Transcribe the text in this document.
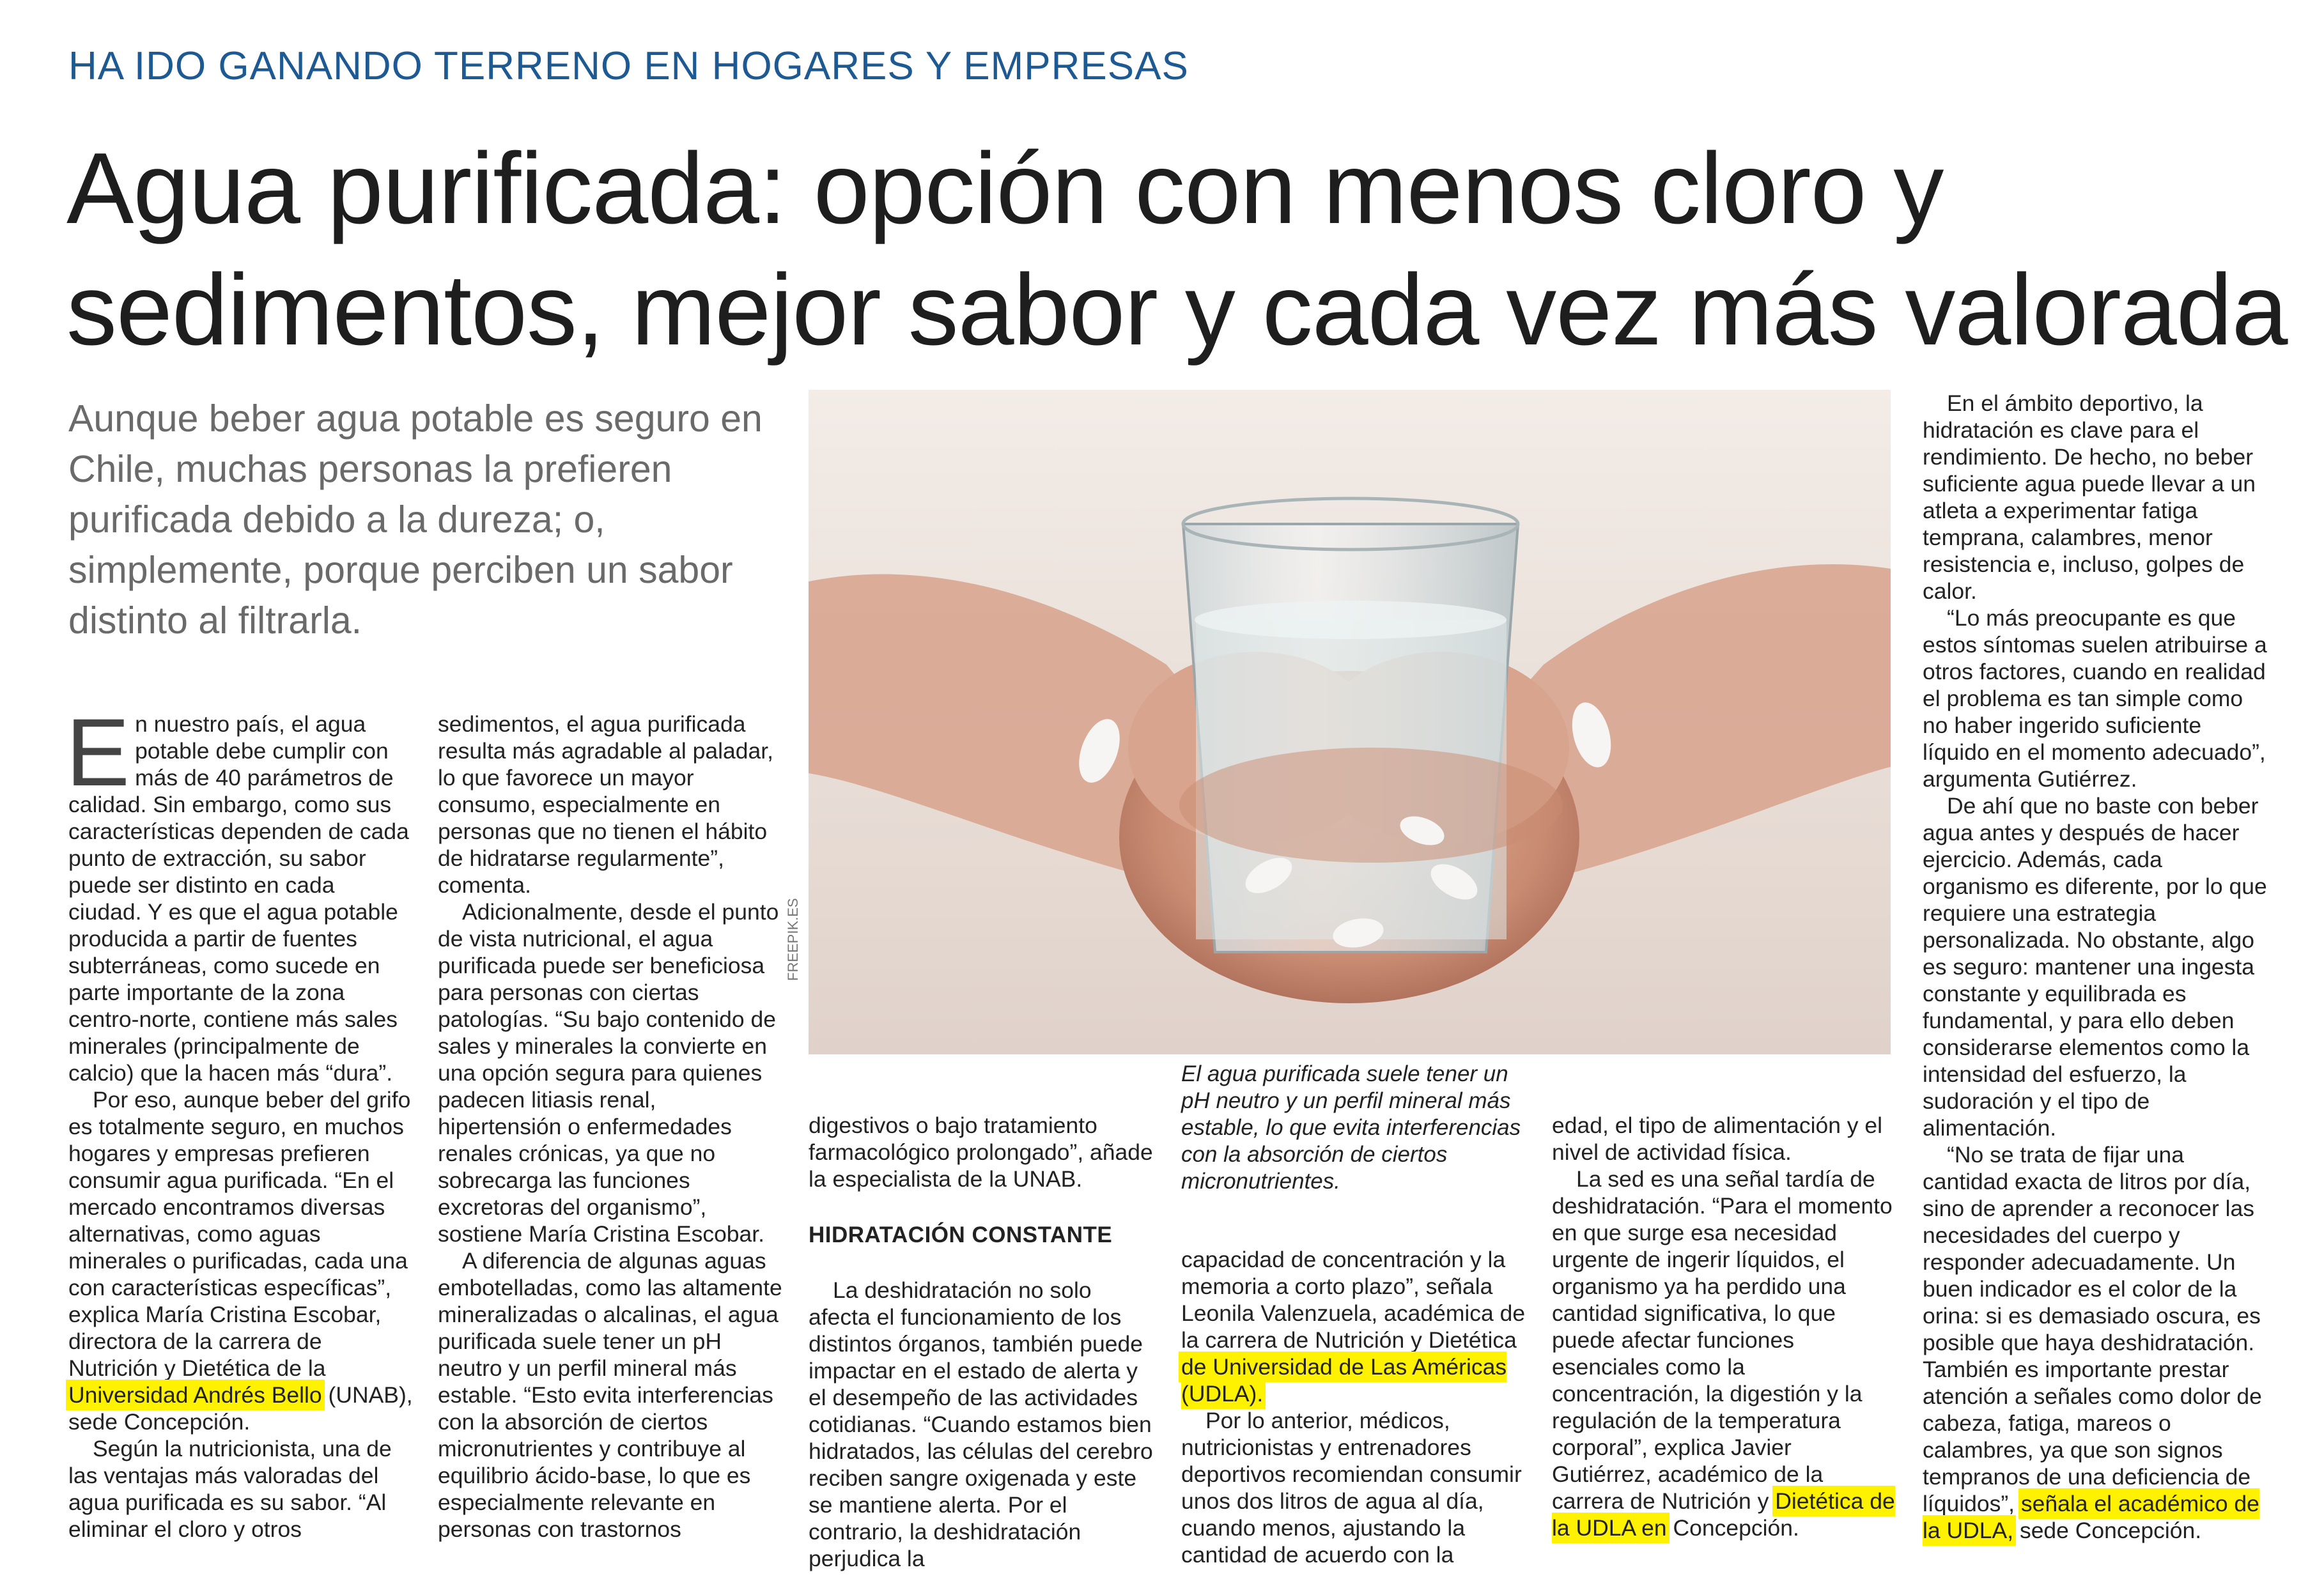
HA IDO GANANDO TERRENO EN HOGARES Y EMPRESAS
Agua purificada: opción con menos cloro y
sedimentos, mejor sabor y cada vez más valorada
Aunque beber agua potable es seguro en Chile, muchas personas la prefieren purificada debido a la dureza; o, simplemente, porque perciben un sabor distinto al filtrarla.
FREEPIK.ES
El agua purificada suele tener un pH neutro y un perfil mineral más estable, lo que evita interferencias con la absorción de ciertos micronutrientes.

En nuestro país, el agua potable debe cumplir con más de 40 parámetros de calidad. Sin embargo, como sus características dependen de cada punto de extracción, su sabor puede ser distinto en cada ciudad. Y es que el agua potable producida a partir de fuentes subterráneas, como sucede en parte importante de la zona centro-norte, contiene más sales minerales (principalmente de calcio) que la hacen más “dura”.

Por eso, aunque beber del grifo es totalmente seguro, en muchos hogares y empresas prefieren consumir agua purificada. “En el mercado encontramos diversas alternativas, como aguas minerales o purificadas, cada una con características específicas”, explica María Cristina Escobar, directora de la carrera de Nutrición y Dietética de la Universidad Andrés Bello (UNAB), sede Concepción.

Según la nutricionista, una de las ventajas más valoradas del agua purificada es su sabor. “Al eliminar el cloro y otros

sedimentos, el agua purificada resulta más agradable al paladar, lo que favorece un mayor consumo, especialmente en personas que no tienen el hábito de hidratarse regularmente”, comenta.

Adicionalmente, desde el punto de vista nutricional, el agua purificada puede ser beneficiosa para personas con ciertas patologías. “Su bajo contenido de sales y minerales la convierte en una opción segura para quienes padecen litiasis renal, hipertensión o enfermedades renales crónicas, ya que no sobrecarga las funciones excretoras del organismo”, sostiene María Cristina Escobar.

A diferencia de algunas aguas embotelladas, como las altamente mineralizadas o alcalinas, el agua purificada suele tener un pH neutro y un perfil mineral más estable. “Esto evita interferencias con la absorción de ciertos micronutrientes y contribuye al equilibrio ácido-base, lo que es especialmente relevante en personas con trastornos

digestivos o bajo tratamiento farmacológico prolongado”, añade la especialista de la UNAB.

HIDRATACIÓN CONSTANTE

La deshidratación no solo afecta el funcionamiento de los distintos órganos, también puede impactar en el estado de alerta y el desempeño de las actividades cotidianas. “Cuando estamos bien hidratados, las células del cerebro reciben sangre oxigenada y este se mantiene alerta. Por el contrario, la deshidratación perjudica la

capacidad de concentración y la memoria a corto plazo”, señala Leonila Valenzuela, académica de la carrera de Nutrición y Dietética de Universidad de Las Américas (UDLA).

Por lo anterior, médicos, nutricionistas y entrenadores deportivos recomiendan consumir unos dos litros de agua al día, cuando menos, ajustando la cantidad de acuerdo con la

edad, el tipo de alimentación y el nivel de actividad física.

La sed es una señal tardía de deshidratación. “Para el momento en que surge esa necesidad urgente de ingerir líquidos, el organismo ya ha perdido una cantidad significativa, lo que puede afectar funciones esenciales como la concentración, la digestión y la regulación de la temperatura corporal”, explica Javier Gutiérrez, académico de la carrera de Nutrición y Dietética de la UDLA en Concepción.

En el ámbito deportivo, la hidratación es clave para el rendimiento. De hecho, no beber suficiente agua puede llevar a un atleta a experimentar fatiga temprana, calambres, menor resistencia e, incluso, golpes de calor.

“Lo más preocupante es que estos síntomas suelen atribuirse a otros factores, cuando en realidad el problema es tan simple como no haber ingerido suficiente líquido en el momento adecuado”, argumenta Gutiérrez.

De ahí que no baste con beber agua antes y después de hacer ejercicio. Además, cada organismo es diferente, por lo que requiere una estrategia personalizada. No obstante, algo es seguro: mantener una ingesta constante y equilibrada es fundamental, y para ello deben considerarse elementos como la intensidad del esfuerzo, la sudoración y el tipo de alimentación.

“No se trata de fijar una cantidad exacta de litros por día, sino de aprender a reconocer las necesidades del cuerpo y responder adecuadamente. Un buen indicador es el color de la orina: si es demasiado oscura, es posible que haya deshidratación. También es importante prestar atención a señales como dolor de cabeza, fatiga, mareos o calambres, ya que son signos tempranos de una deficiencia de líquidos”, señala el académico de la UDLA, sede Concepción.
